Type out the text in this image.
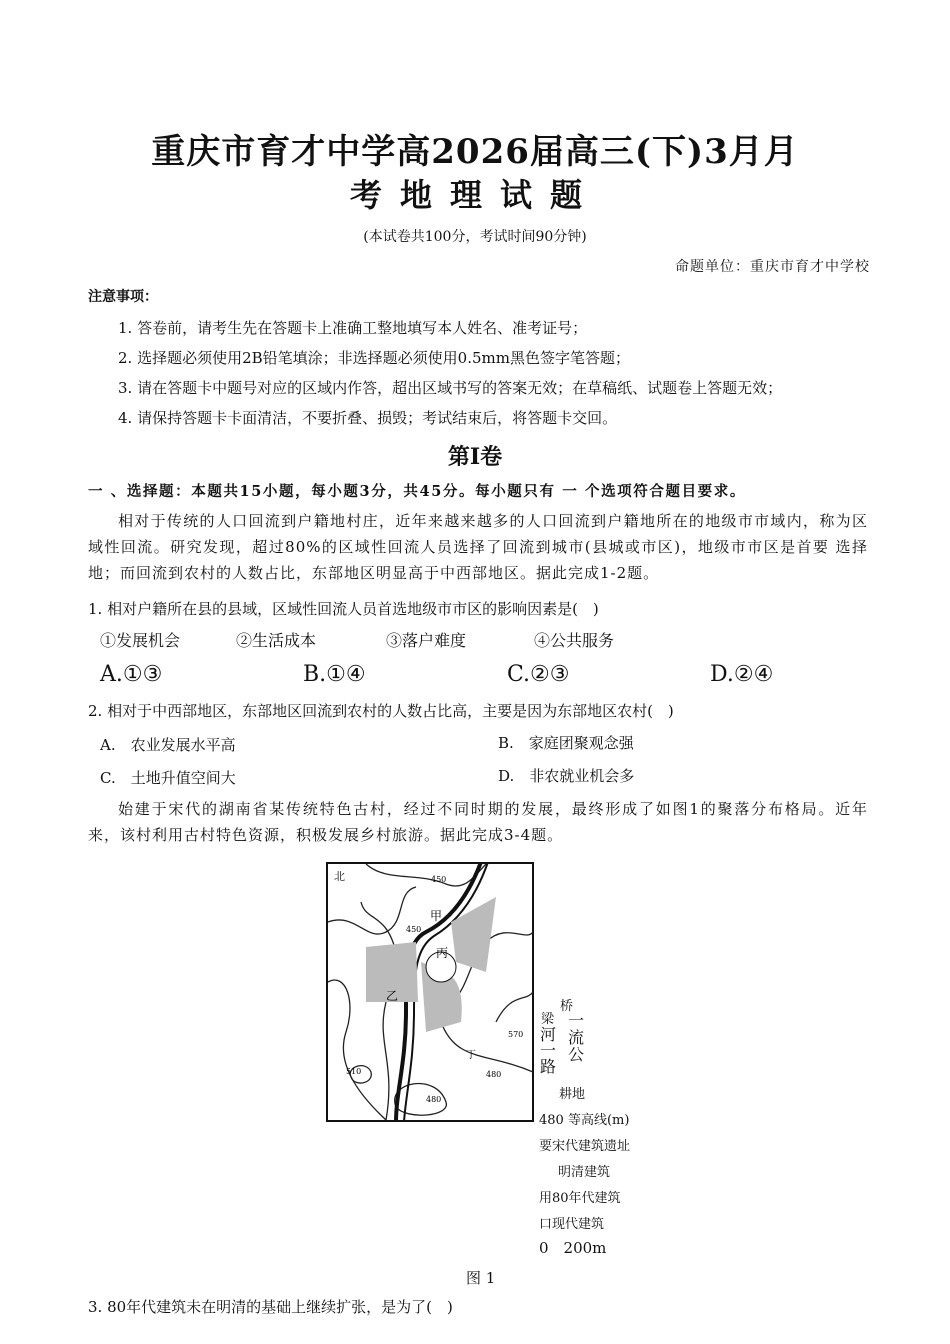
重庆市育才中学高2026届高三(下)3月月
考地理试题
(本试卷共100分，考试时间90分钟)
命题单位：重庆市育才中学校
注意事项：
1. 答卷前，请考生先在答题卡上准确工整地填写本人姓名、准考证号；
2. 选择题必须使用2B铅笔填涂；非选择题必须使用0.5mm黑色签字笔答题；
3. 请在答题卡中题号对应的区域内作答，超出区域书写的答案无效；在草稿纸、试题卷上答题无效；
4. 请保持答题卡卡面清洁，不要折叠、损毁；考试结束后，将答题卡交回。
第I卷
一 、选择题：本题共15小题，每小题3分，共45分。每小题只有 一 个选项符合题目要求。
相对于传统的人口回流到户籍地村庄，近年来越来越多的人口回流到户籍地所在的地级市市域内，称为区域性回流。研究发现，超过80%的区域性回流人员选择了回流到城市(县城或市区)，地级市市区是首要 选择地；而回流到农村的人数占比，东部地区明显高于中西部地区。据此完成1-2题。
1. 相对户籍所在县的县域，区域性回流人员首选地级市市区的影响因素是(　)
①发展机会	②生活成本	③落户难度	④公共服务
A.①③	B.①④	C.②③	D.②④
2. 相对于中西部地区，东部地区回流到农村的人数占比高，主要是因为东部地区农村(　)
A.　农业发展水平高	B.　家庭团聚观念强
C.　土地升值空间大	D.　非农就业机会多
始建于宋代的湖南省某传统特色古村，经过不同时期的发展，最终形成了如图1的聚落分布格局。近年 来，该村利用古村特色资源，积极发展乡村旅游。据此完成3-4题。
北
甲
乙
丙
丁
450
450
510	480
480
570
桥
梁 一
流
河
公
一
路
耕地
480 等高线(m)
要宋代建筑遗址
明清建筑
用80年代建筑
口现代建筑
0　200m
图 1
3. 80年代建筑未在明清的基础上继续扩张，是为了(　)
